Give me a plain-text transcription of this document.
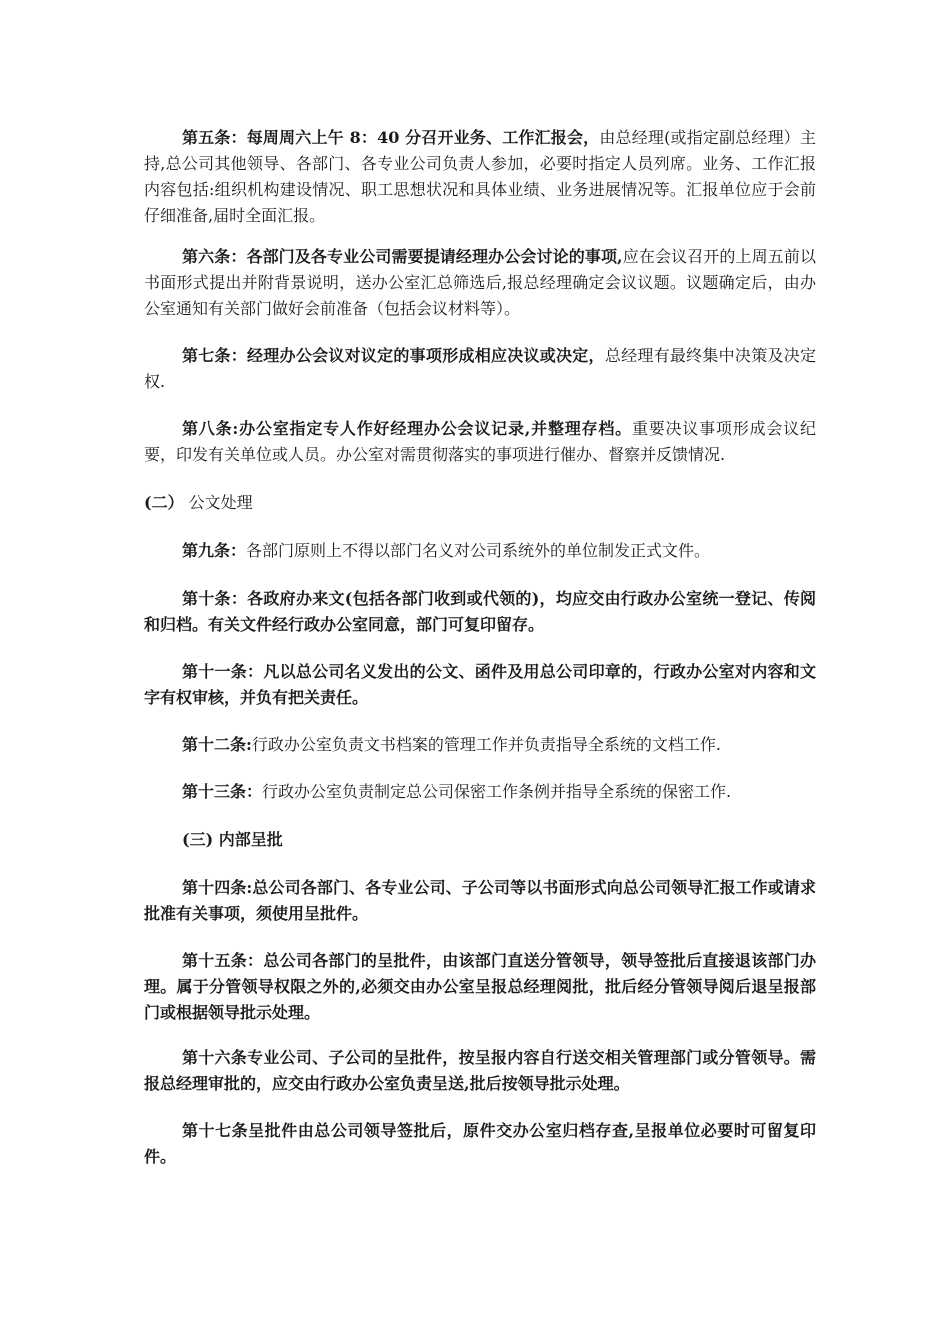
第五条：每周周六上午 8：40 分召开业务、工作汇报会，由总经理(或指定副总经理）主持,总公司其他领导、各部门、各专业公司负责人参加，必要时指定人员列席。业务、工作汇报内容包括:组织机构建设情况、职工思想状况和具体业绩、业务进展情况等。汇报单位应于会前仔细准备,届时全面汇报。

第六条：各部门及各专业公司需要提请经理办公会讨论的事项,应在会议召开的上周五前以书面形式提出并附背景说明，送办公室汇总筛选后,报总经理确定会议议题。议题确定后，由办公室通知有关部门做好会前准备（包括会议材料等）。

第七条：经理办公会议对议定的事项形成相应决议或决定，总经理有最终集中决策及决定权.

第八条:办公室指定专人作好经理办公会议记录,并整理存档。重要决议事项形成会议纪要，印发有关单位或人员。办公室对需贯彻落实的事项进行催办、督察并反馈情况.

(二） 公文处理

第九条：各部门原则上不得以部门名义对公司系统外的单位制发正式文件。

第十条：各政府办来文(包括各部门收到或代领的)，均应交由行政办公室统一登记、传阅和归档。有关文件经行政办公室同意，部门可复印留存。

第十一条：凡以总公司名义发出的公文、函件及用总公司印章的，行政办公室对内容和文字有权审核，并负有把关责任。

第十二条:行政办公室负责文书档案的管理工作并负责指导全系统的文档工作.

第十三条：行政办公室负责制定总公司保密工作条例并指导全系统的保密工作.

(三) 内部呈批

第十四条:总公司各部门、各专业公司、子公司等以书面形式向总公司领导汇报工作或请求批准有关事项，须使用呈批件。

第十五条：总公司各部门的呈批件，由该部门直送分管领导，领导签批后直接退该部门办理。属于分管领导权限之外的,必须交由办公室呈报总经理阅批，批后经分管领导阅后退呈报部门或根据领导批示处理。

第十六条专业公司、子公司的呈批件，按呈报内容自行送交相关管理部门或分管领导。需报总经理审批的，应交由行政办公室负责呈送,批后按领导批示处理。

第十七条呈批件由总公司领导签批后，原件交办公室归档存查,呈报单位必要时可留复印件。
